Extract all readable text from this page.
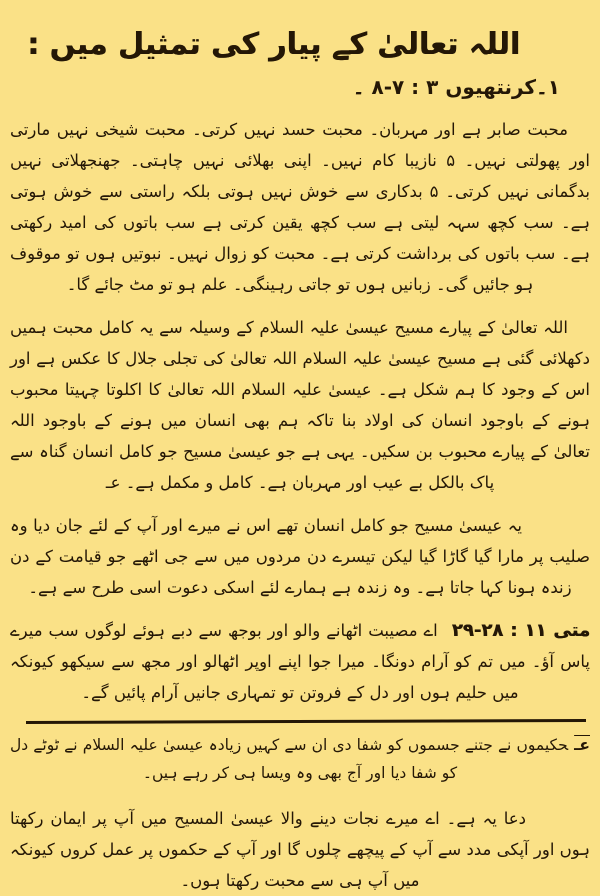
اللہ تعالیٰ کے پیار کی تمثیل میں :
۱۔کرنتھیوں ۳ : ۷-۸ ۔

محبت صابر ہے اور مہربان۔ محبت حسد نہیں کرتی۔ محبت شیخی نہیں مارتی اور پھولتی نہیں۔ ۵ نازیبا کام نہیں۔ اپنی بھلائی نہیں چاہتی۔ جھنجھلاتی نہیں بدگمانی نہیں کرتی۔ ۵ بدکاری سے خوش نہیں ہوتی بلکہ راستی سے خوش ہوتی ہے۔ سب کچھ سہہ لیتی ہے سب کچھ یقین کرتی ہے سب باتوں کی امید رکھتی ہے۔ سب باتوں کی برداشت کرتی ہے۔ محبت کو زوال نہیں۔ نبوتیں ہوں تو موقوف ہو جائیں گی۔ زبانیں ہوں تو جاتی رہینگی۔ علم ہو تو مٹ جائے گا۔

اللہ تعالیٰ کے پیارے مسیح عیسیٰ علیہ السلام کے وسیلہ سے یہ کامل محبت ہمیں دکھلائی گئی ہے مسیح عیسیٰ علیہ السلام اللہ تعالیٰ کی تجلی جلال کا عکس ہے اور اس کے وجود کا ہم شکل ہے۔ عیسیٰ علیہ السلام اللہ تعالیٰ کا اکلوتا چہیتا محبوب ہونے کے باوجود انسان کی اولاد بنا تاکہ ہم بھی انسان میں ہونے کے باوجود اللہ تعالیٰ کے پیارے محبوب بن سکیں۔ یہی ہے جو عیسیٰ مسیح جو کامل انسان گناہ سے پاک بالکل بے عیب اور مہربان ہے۔ کامل و مکمل ہے۔ عـ

یہ عیسیٰ مسیح جو کامل انسان تھے اس نے میرے اور آپ کے لئے جان دیا وہ صلیب پر مارا گیا گاڑا گیا لیکن تیسرے دن مردوں میں سے جی اٹھے جو قیامت کے دن زندہ ہونا کہا جاتا ہے۔ وہ زندہ ہے ہمارے لئے اسکی دعوت اسی طرح سے ہے۔

متی ۱۱ : ۲۸-۲۹ اے مصیبت اٹھانے والو اور بوجھ سے دبے ہوئے لوگوں سب میرے پاس آؤ۔ میں تم کو آرام دونگا۔ میرا جوا اپنے اوپر اٹھالو اور مجھ سے سیکھو کیونکہ میں حلیم ہوں اور دل کے فروتن تو تمہاری جانیں آرام پائیں گے۔

عـحکیموں نے جتنے جسموں کو شفا دی ان سے کہیں زیادہ عیسیٰ علیہ السلام نے ٹوٹے دل کو شفا دیا اور آج بھی وہ ویسا ہی کر رہے ہیں۔

دعا یہ ہے۔ اے میرے نجات دینے والا عیسیٰ المسیح میں آپ پر ایمان رکھتا ہوں اور آپکی مدد سے آپ کے پیچھے چلوں گا اور آپ کے حکموں پر عمل کروں کیونکہ میں آپ ہی سے محبت رکھتا ہوں۔
